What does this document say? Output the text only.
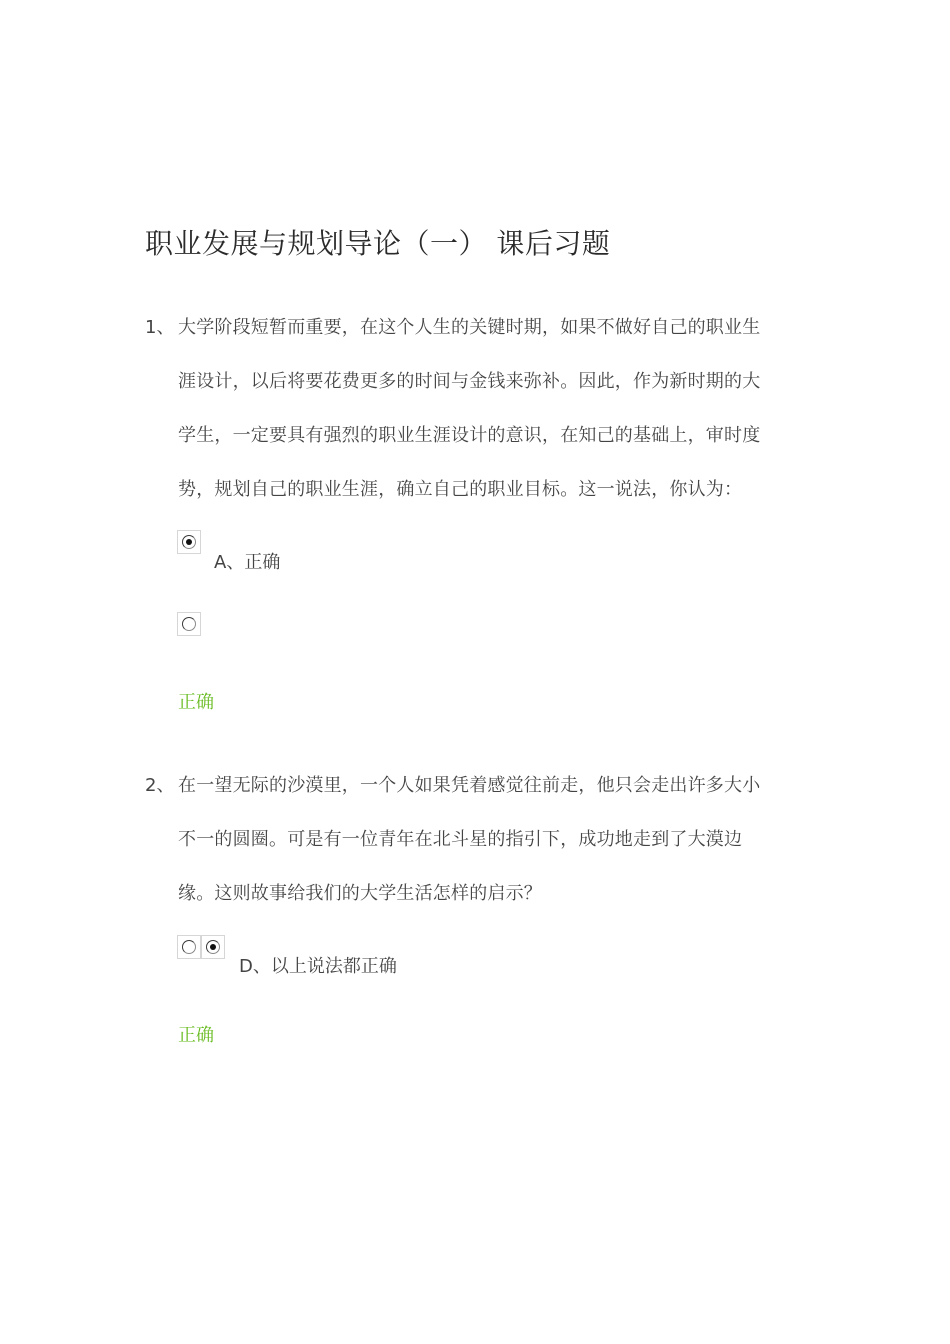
职业发展与规划导论（一） 课后习题
1、 大学阶段短暂而重要，在这个人生的关键时期，如果不做好自己的职业生
涯设计，以后将要花费更多的时间与金钱来弥补。因此，作为新时期的大
学生，一定要具有强烈的职业生涯设计的意识，在知己的基础上，审时度
势，规划自己的职业生涯，确立自己的职业目标。这一说法，你认为：
A、正确
正确
2、 在一望无际的沙漠里，一个人如果凭着感觉往前走，他只会走出许多大小
不一的圆圈。可是有一位青年在北斗星的指引下，成功地走到了大漠边
缘。这则故事给我们的大学生活怎样的启示？
D、以上说法都正确
正确
